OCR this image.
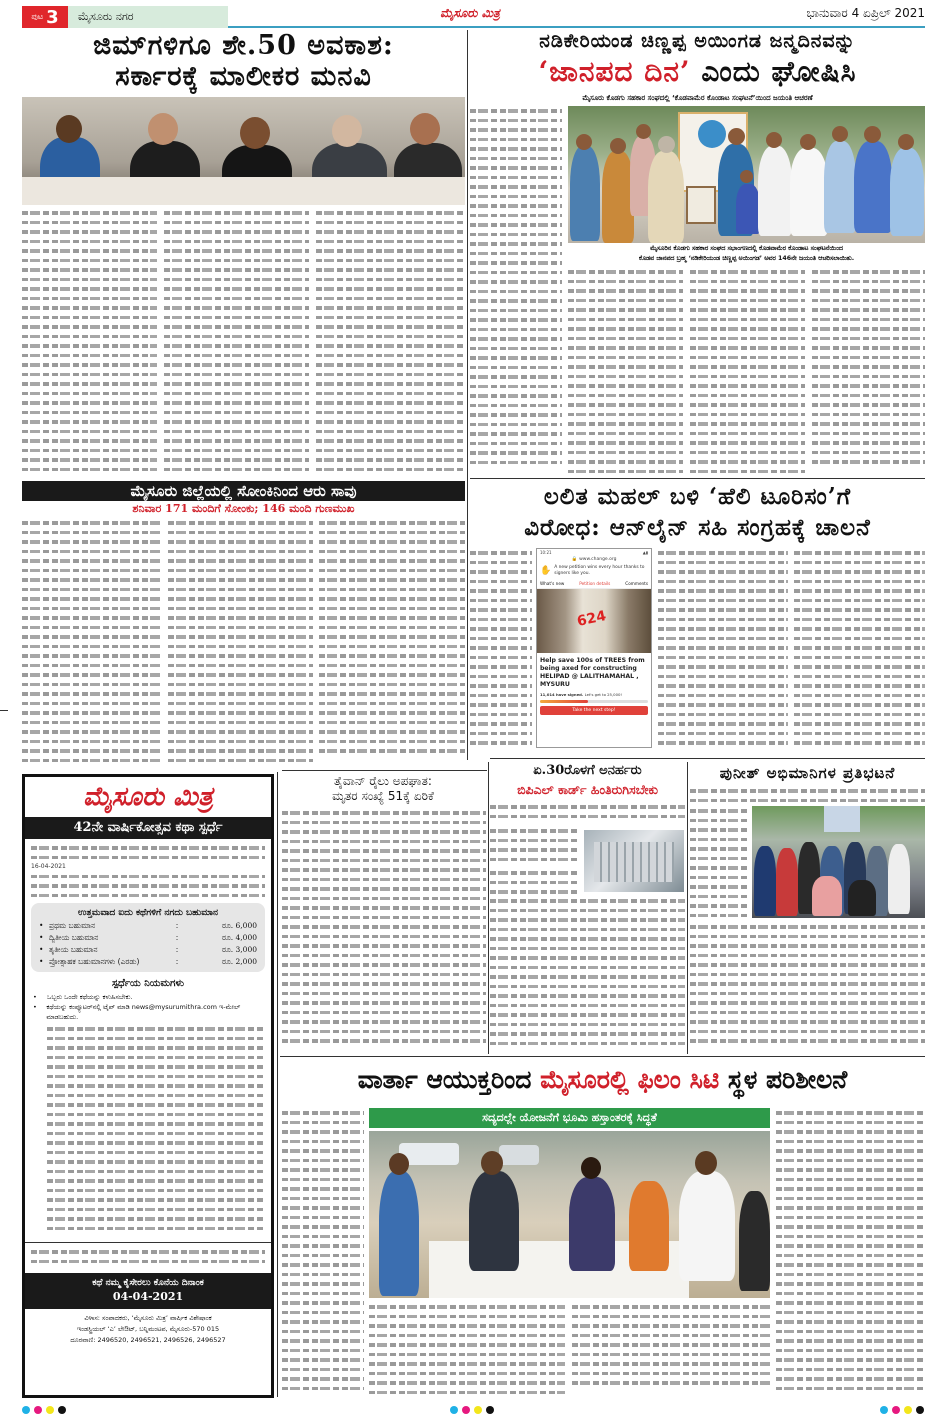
ಪುಟ 3	ಮೈಸೂರು ನಗರ	ಮೈಸೂರು ಮಿತ್ರ	ಭಾನುವಾರ 4 ಏಪ್ರಿಲ್ 2021
ಜಿಮ್‌ಗಳಿಗೂ ಶೇ.50 ಅವಕಾಶ:
ಸರ್ಕಾರಕ್ಕೆ ಮಾಲೀಕರ ಮನವಿ
ಮೈಸೂರು ಜಿಲ್ಲೆಯಲ್ಲಿ ಸೋಂಕಿನಿಂದ ಆರು ಸಾವು
ಶನಿವಾರ 171 ಮಂದಿಗೆ ಸೋಂಕು; 146 ಮಂದಿ ಗುಣಮುಖ
ಮೈಸೂರು ಮಿತ್ರ
42ನೇ ವಾರ್ಷಿಕೋತ್ಸವ ಕಥಾ ಸ್ಪರ್ಧೆ
16-04-2021
ಉತ್ತಮವಾದ ಐದು ಕಥೆಗಳಿಗೆ ನಗದು ಬಹುಮಾನ
• ಪ್ರಥಮ ಬಹುಮಾನ	:	ರೂ. 6,000
• ದ್ವಿತೀಯ ಬಹುಮಾನ	:	ರೂ. 4,000
• ತೃತೀಯ ಬಹುಮಾನ	:	ರೂ. 3,000
• ಪ್ರೋತ್ಸಾಹಕ ಬಹುಮಾನಗಳು (ಎರಡು)	:	ರೂ. 2,000
ಸ್ಪರ್ಧೆಯ ನಿಯಮಗಳು
•	ಒಬ್ಬರು ಒಂದೇ ಕಥೆಯನ್ನು ಕಳುಹಿಸಬೇಕು.
•	ಕಥೆಯನ್ನು ಕಂಪ್ಯೂಟರ್‌ನಲ್ಲಿ ಟೈಪ್ ಮಾಡಿ news@mysurumithra.com ಇ-ಮೇಲ್ ಮಾಡಬಹುದು.
ಕಥೆ ನಮ್ಮ ಕೈಸೇರಲು ಕೊನೆಯ ದಿನಾಂಕ
04-04-2021
ವಿಳಾಸ: ಸಂಪಾದಕರು, ‘ಮೈಸೂರು ಮಿತ್ರ’ ವಾರ್ಷಿಕ ವಿಶೇಷಾಂಕ
ಇಂಡಸ್ಟ್ರಿಯಲ್ ‘ಎ’ ಲೇಔಟ್, ಬನ್ನಿಮಂಟಪ, ಮೈಸೂರು-570 015
ದೂರವಾಣಿ: 2496520, 2496521, 2496526, 2496527
ತೈವಾನ್ ರೈಲು ಅಪಘಾತ:
ಮೃತರ ಸಂಖ್ಯೆ 51ಕ್ಕೆ ಏರಿಕೆ
ನಡಿಕೇರಿಯಂಡ ಚಿಣ್ಣಪ್ಪ ಅಯಿಂಗಡ ಜನ್ಮದಿನವನ್ನು
‘ಜಾನಪದ ದಿನ’ ಎಂದು ಘೋಷಿಸಿ
ಮೈಸೂರು ಕೊಡಗು ಸಹಕಾರ ಸಂಘದಲ್ಲಿ ‘ಕೊಡವಾಮೆರ ಕೊಂಡಾಟ ಸಂಘಟನೆ’ಯಿಂದ ಜಯಂತಿ ಆಚರಣೆ
ಮೈಸೂರಿನ ಕೊಡಗು ಸಹಕಾರ ಸಂಘದ ಸಭಾಂಗಣದಲ್ಲಿ ಕೊಡವಾಮೆರ ಕೊಂಡಾಟ ಸಂಘಟನೆಯಿಂದ
ಕೊಡವ ಜಾನಪದ ಬ್ರಹ್ಮ ‘ನಡಿಕೇರಿಯಂಡ ಚಿಣ್ಣಪ್ಪ ಅಯಿಂಗಡ’ ಅವರ 146ನೇ ಜಯಂತಿ ಆಚರಿಸಲಾಯಿತು.
ಲಲಿತ ಮಹಲ್ ಬಳಿ ‘ಹೆಲಿ ಟೂರಿಸಂ’ಗೆ
ವಿರೋಧ: ಆನ್‌ಲೈನ್ ಸಹಿ ಸಂಗ್ರಹಕ್ಕೆ ಚಾಲನೆ
10:21	▲▮
🔒 www.change.org
✋ A new petition wins every hour thanks to signers like you.
What's new	Petition details	Comments
624
Help save 100s of TREES from being axed for constructing HELIPAD @ LALITHAMAHAL , MYSURU
11,014 have signed. Let's get to 25,000!
Take the next step!
ಏ.30ರೊಳಗೆ ಅನರ್ಹರು
ಬಿಪಿಎಲ್ ಕಾರ್ಡ್ ಹಿಂತಿರುಗಿಸಬೇಕು
ಪುನೀತ್ ಅಭಿಮಾನಿಗಳ ಪ್ರತಿಭಟನೆ
ವಾರ್ತಾ ಆಯುಕ್ತರಿಂದ ಮೈಸೂರಲ್ಲಿ ಫಿಲಂ ಸಿಟಿ ಸ್ಥಳ ಪರಿಶೀಲನೆ
ಸದ್ಯದಲ್ಲೇ ಯೋಜನೆಗೆ ಭೂಮಿ ಹಸ್ತಾಂತರಕ್ಕೆ ಸಿದ್ಧತೆ
